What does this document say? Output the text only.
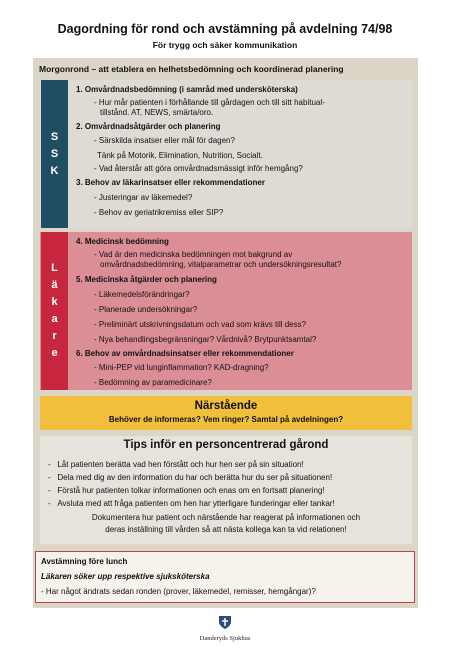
Dagordning för rond och avstämning på avdelning 74/98
För trygg och säker kommunikation
Morgonrond – att etablera en helhetsbedömning och koordinerad planering
S
S
K
1. Omvårdnadsbedömning (i samråd med undersköterska)
- Hur mår patienten i förhållande till gårdagen och till sitt habitual-
tillstånd. AT, NEWS, smärta/oro.
2. Omvårdnadsåtgärder och planering
- Särskilda insatser eller mål för dagen?
Tänk på Motorik, Elimination, Nutrition, Socialt.
- Vad återstår att göra omvårdnadsmässigt inför hemgång?
3. Behov av läkarinsatser eller rekommendationer
- Justeringar av läkemedel?
- Behov av geriatrikremiss eller SIP?
L
ä
k
a
r
e
4. Medicinsk bedömning
- Vad är den medicinska bedömningen mot bakgrund av
omvårdnadsbedömning, vitalparametrar och undersökningsresultat?
5. Medicinska åtgärder och planering
- Läkemedelsförändringar?
- Planerade undersökningar?
- Preliminärt utskrivningsdatum och vad som krävs till dess?
- Nya behandlingsbegränsningar? Vårdnivå? Brytpunktsamtal?
6. Behov av omvårdnadsinsatser eller rekommendationer
- Mini-PEP vid lunginflammation? KAD-dragning?
- Bedömning av paramedicinare?
Närstående
Behöver de informeras? Vem ringer? Samtal på avdelningen?
Tips inför en personcentrerad gårond
-   Låt patienten berätta vad hen förstått och hur hen ser på sin situation!
-   Dela med dig av den information du har och berätta hur du ser på situationen!
-   Förstå hur patienten tolkar informationen och enas om en fortsatt planering!
-   Avsluta med att fråga patienten om hen har ytterligare funderingar eller tankar!
Dokumentera hur patient och närstående har reagerat på informationen och
deras inställning till vården så att nästa kollega kan ta vid relationen!
Avstämning före lunch
Läkaren söker upp respektive sjuksköterska
- Har något ändrats sedan ronden (prover, läkemedel, remisser, hemgångar)?
Danderyds Sjukhus
